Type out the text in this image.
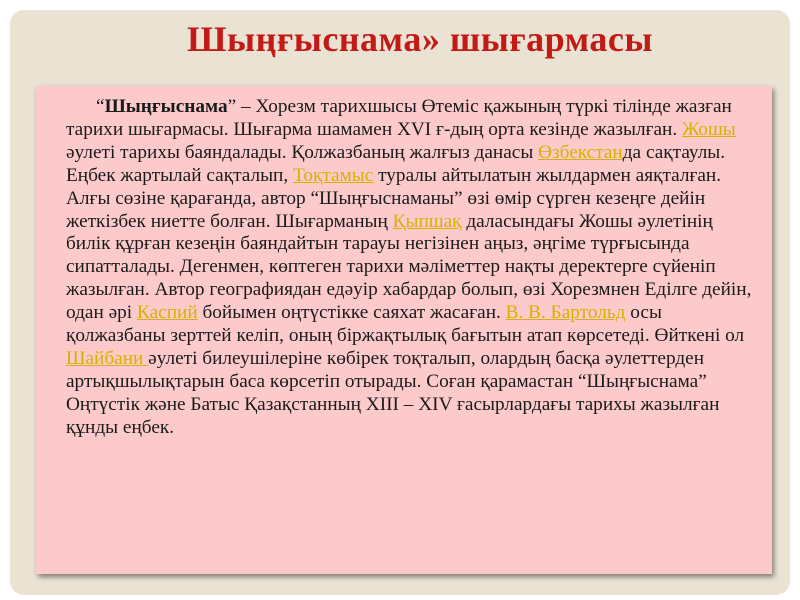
Шыңғыснама» шығармасы

“Шыңғыснама” – Хорезм тарихшысы Өтеміс қажының түркі тілінде жазған тарихи шығармасы. Шығарма шамамен XVI ғ-дың орта кезінде жазылған. Жошы әулеті тарихы баяндалады. Қолжазбаның жалғыз данасы Өзбекстанда сақтаулы. Еңбек жартылай сақталып, Тоқтамыс туралы айтылатын жылдармен аяқталған. Алғы сөзіне қарағанда, автор “Шыңғыснаманы” өзі өмір сүрген кезеңге дейін жеткізбек ниетте болған. Шығарманың Қыпшақ даласындағы Жошы әулетінің билік құрған кезеңін баяндайтын тарауы негізінен аңыз, әңгіме түрғысында сипатталады. Дегенмен, көптеген тарихи мәліметтер нақты деректерге сүйеніп жазылған. Автор географиядан едәуір хабардар болып, өзі Хорезмнен Еділге дейін, одан әрі Каспий бойымен оңтүстікке саяхат жасаған. В. В. Бартольд осы қолжазбаны зерттей келіп, оның біржақтылық бағытын атап көрсетеді. Өйткені ол Шайбани әулеті билеушілеріне көбірек тоқталып, олардың басқа әулеттерден артықшылықтарын баса көрсетіп отырады. Соған қарамастан “Шыңғыснама” Оңтүстік және Батыс Қазақстанның XIII – XIV ғасырлардағы тарихы жазылған құнды еңбек.
